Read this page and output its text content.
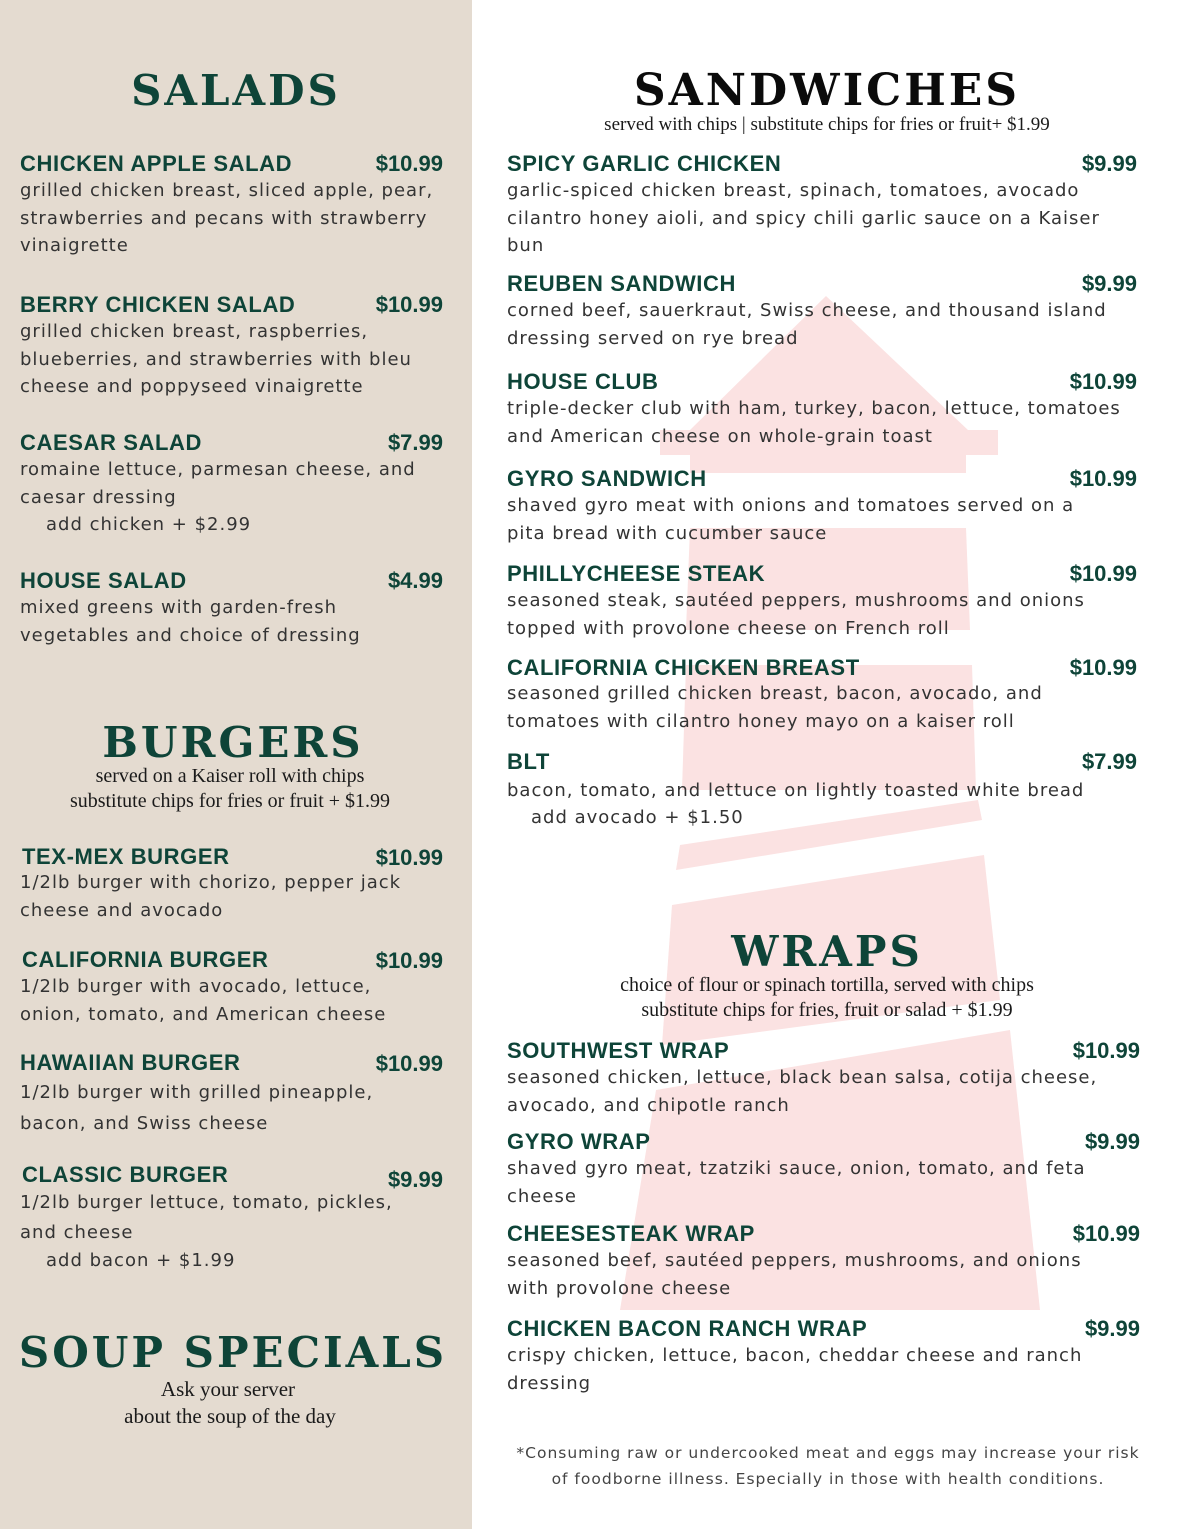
SALADS
CHICKEN APPLE SALAD	$10.99
grilled chicken breast, sliced apple, pear, strawberries and pecans with strawberry vinaigrette
BERRY CHICKEN SALAD	$10.99
grilled chicken breast, raspberries, blueberries, and strawberries with bleu cheese and poppyseed vinaigrette
CAESAR SALAD	$7.99
romaine lettuce, parmesan cheese, and caesar dressing
add chicken + $2.99
HOUSE SALAD	$4.99
mixed greens with garden-fresh vegetables and choice of dressing
BURGERS
served on a Kaiser roll with chips
substitute chips for fries or fruit + $1.99
TEX-MEX BURGER	$10.99
1/2lb burger with chorizo, pepper jack cheese and avocado
CALIFORNIA BURGER	$10.99
1/2lb burger with avocado, lettuce, onion, tomato, and American cheese
HAWAIIAN BURGER	$10.99
1/2lb burger with grilled pineapple, bacon, and Swiss cheese
CLASSIC BURGER	$9.99
1/2lb burger lettuce, tomato, pickles, and cheese
add bacon + $1.99
SOUP SPECIALS
Ask your server
about the soup of the day
SANDWICHES
served with chips | substitute chips for fries or fruit+ $1.99
SPICY GARLIC CHICKEN	$9.99
garlic-spiced chicken breast, spinach, tomatoes, avocado cilantro honey aioli, and spicy chili garlic sauce on a Kaiser bun
REUBEN SANDWICH	$9.99
corned beef, sauerkraut, Swiss cheese, and thousand island dressing served on rye bread
HOUSE CLUB	$10.99
triple-decker club with ham, turkey, bacon, lettuce, tomatoes and American cheese on whole-grain toast
GYRO SANDWICH	$10.99
shaved gyro meat with onions and tomatoes served on a pita bread with cucumber sauce
PHILLYCHEESE STEAK	$10.99
seasoned steak, sautéed peppers, mushrooms and onions topped with provolone cheese on French roll
CALIFORNIA CHICKEN BREAST	$10.99
seasoned grilled chicken breast, bacon, avocado, and tomatoes with cilantro honey mayo on a kaiser roll
BLT	$7.99
bacon, tomato, and lettuce on lightly toasted white bread
add avocado + $1.50
WRAPS
choice of flour or spinach tortilla, served with chips
substitute chips for fries, fruit or salad + $1.99
SOUTHWEST WRAP	$10.99
seasoned chicken, lettuce, black bean salsa, cotija cheese, avocado, and chipotle ranch
GYRO WRAP	$9.99
shaved gyro meat, tzatziki sauce, onion, tomato, and feta cheese
CHEESESTEAK WRAP	$10.99
seasoned beef, sautéed peppers, mushrooms, and onions with provolone cheese
CHICKEN BACON RANCH WRAP	$9.99
crispy chicken, lettuce, bacon, cheddar cheese and ranch dressing
*Consuming raw or undercooked meat and eggs may increase your risk
of foodborne illness. Especially in those with health conditions.
